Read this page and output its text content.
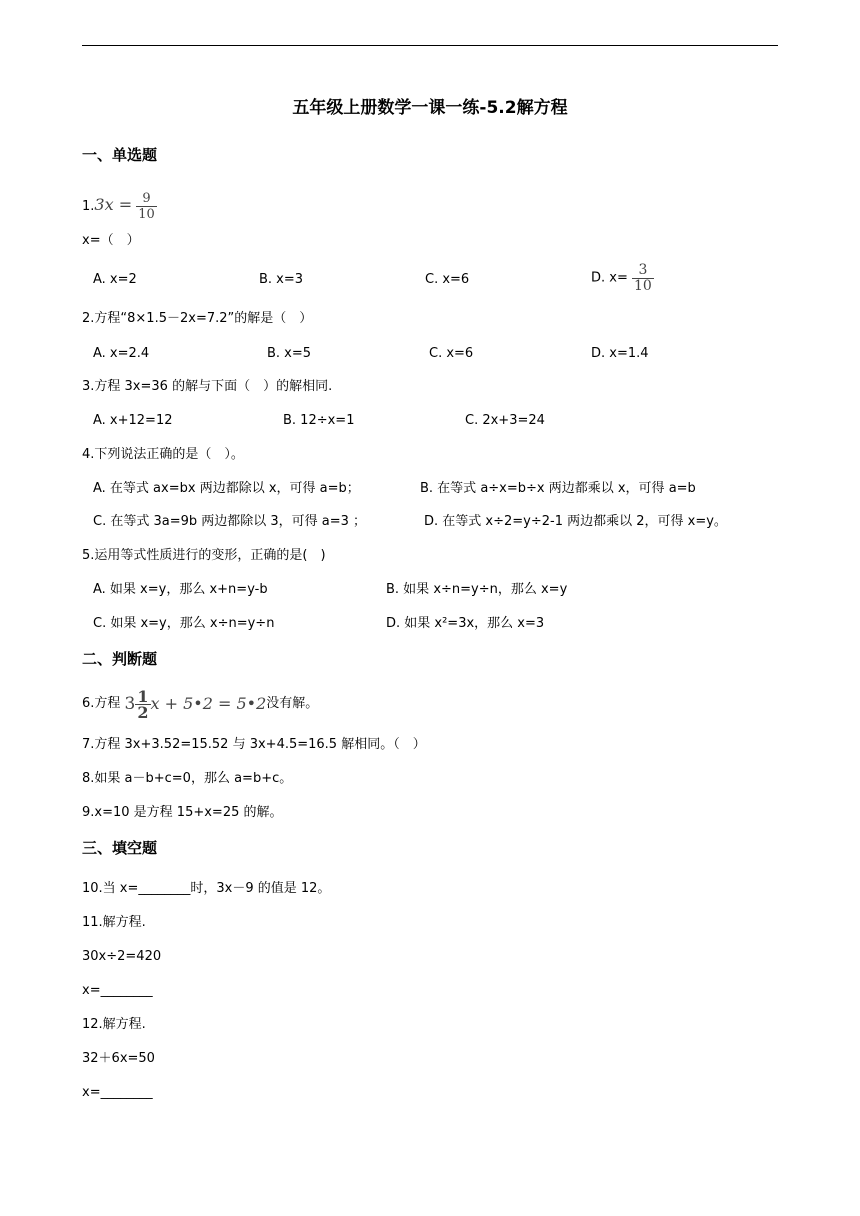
五年级上册数学一课一练-5.2解方程
一、单选题
$1.3x = \frac{9}{10}$
x=（　）
A. x=2	B. x=3	C. x=6	D. $x= \frac{3}{10}$
2.方程“8×1.5－2x=7.2”的解是（　）
A. x=2.4	B. x=5	C. x=6	D. x=1.4
3.方程 3x=36 的解与下面（　）的解相同.
A. x+12=12	B. 12÷x=1	C. 2x+3=24
4.下列说法正确的是（　）。
A. 在等式 ax=bx 两边都除以 x，可得 a=b；	B. 在等式 a÷x=b÷x 两边都乘以 x，可得 a=b
C. 在等式 3a=9b 两边都除以 3，可得 a=3 ；	D. 在等式 x÷2=y÷2-1 两边都乘以 2，可得 x=y。
5.运用等式性质进行的变形，正确的是(　)
A. 如果 x=y，那么 x+n=y-b	B. 如果 x÷n=y÷n，那么 x=y
C. 如果 x=y，那么 x÷n=y÷n	D. 如果 x²=3x，那么 x=3
二、判断题
6.方程 $3 \frac{1}{2}$ x + 5•2 = 5•2没有解。
7.方程 3x+3.52=15.52 与 3x+4.5=16.5 解相同。（　）
8.如果 a－b+c=0，那么 a=b+c。
9.x=10 是方程 15+x=25 的解。
三、填空题
10.当 x=________时，3x－9 的值是 12。
11.解方程.
30x÷2=420
x=________
12.解方程.
32＋6x=50
x=________
